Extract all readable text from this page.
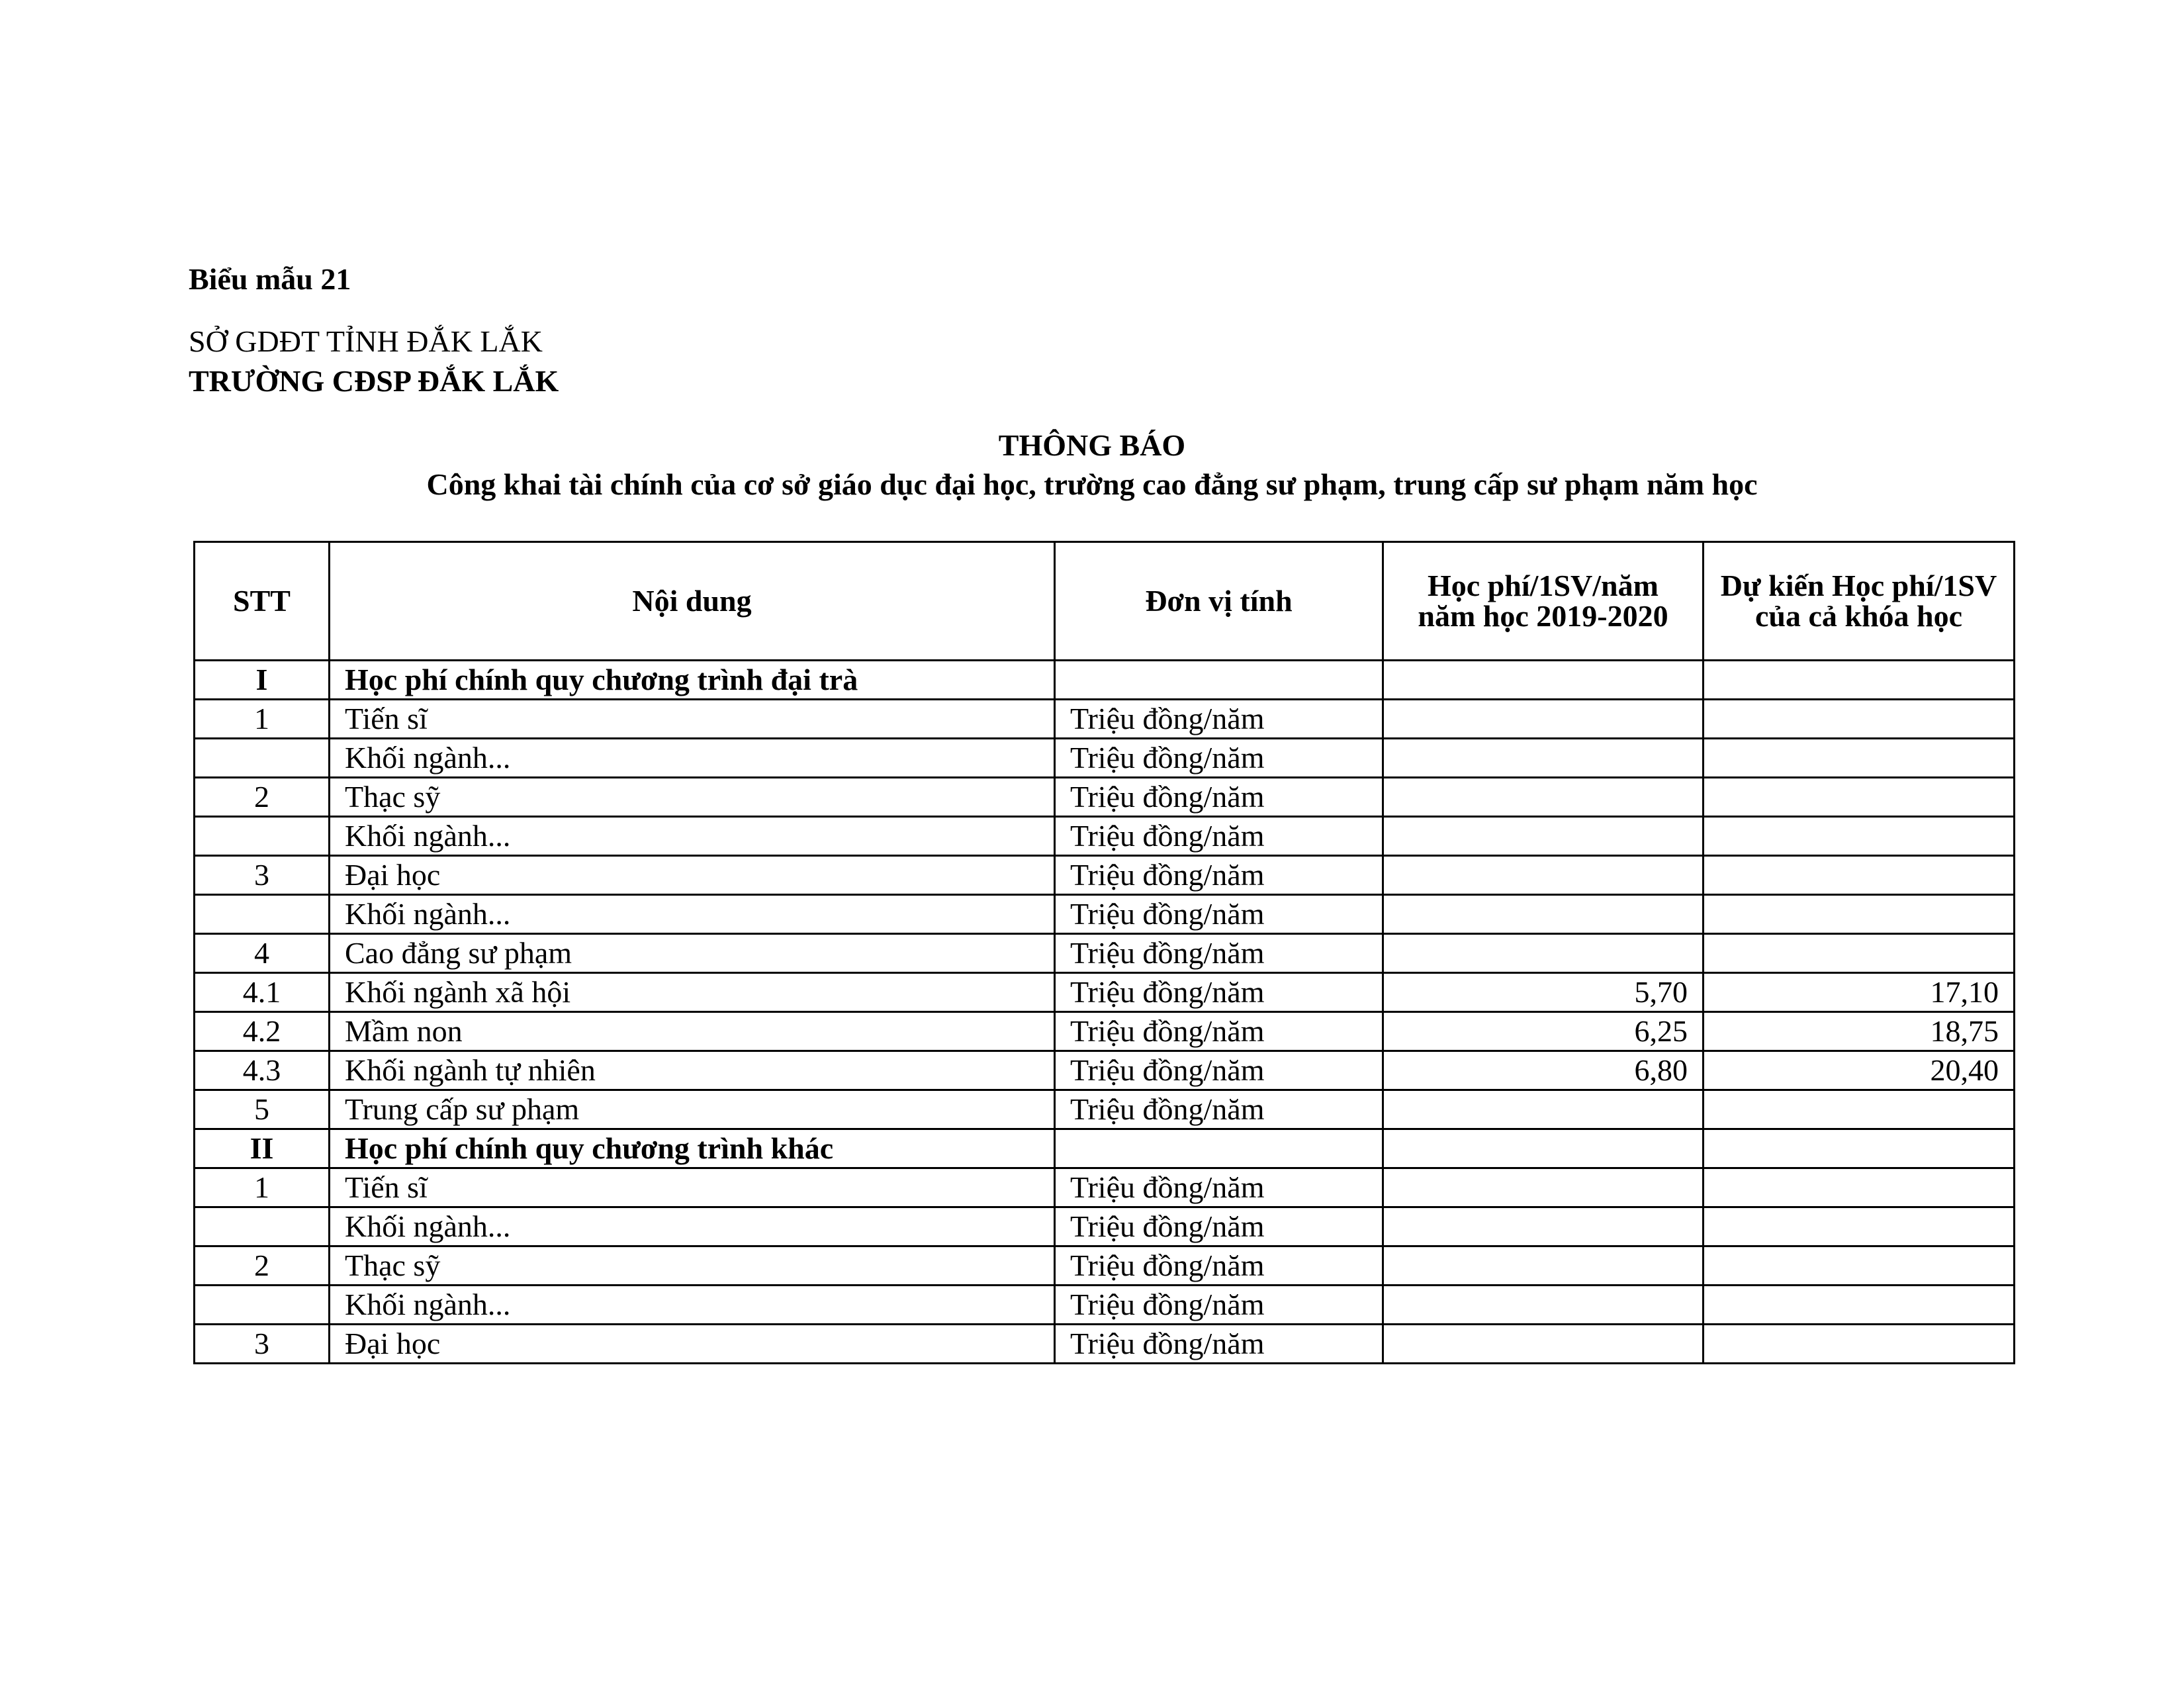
Biểu mẫu 21
SỞ GDĐT TỈNH ĐẮK LẮK
TRƯỜNG CĐSP ĐẮK LẮK
THÔNG BÁO
Công khai tài chính của cơ sở giáo dục đại học, trường cao đẳng sư phạm, trung cấp sư phạm năm học
STT	Nội dung	Đơn vị tính	Học phí/1SV/năm năm học 2019-2020	Dự kiến Học phí/1SV của cả khóa học
I	Học phí chính quy chương trình đại trà			
1	Tiến sĩ	Triệu đồng/năm		
	Khối ngành...	Triệu đồng/năm		
2	Thạc sỹ	Triệu đồng/năm		
	Khối ngành...	Triệu đồng/năm		
3	Đại học	Triệu đồng/năm		
	Khối ngành...	Triệu đồng/năm		
4	Cao đẳng sư phạm	Triệu đồng/năm		
4.1	Khối ngành xã hội	Triệu đồng/năm	5,70	17,10
4.2	Mầm non	Triệu đồng/năm	6,25	18,75
4.3	Khối ngành tự nhiên	Triệu đồng/năm	6,80	20,40
5	Trung cấp sư phạm	Triệu đồng/năm		
II	Học phí chính quy chương trình khác			
1	Tiến sĩ	Triệu đồng/năm		
	Khối ngành...	Triệu đồng/năm		
2	Thạc sỹ	Triệu đồng/năm		
	Khối ngành...	Triệu đồng/năm		
3	Đại học	Triệu đồng/năm		
